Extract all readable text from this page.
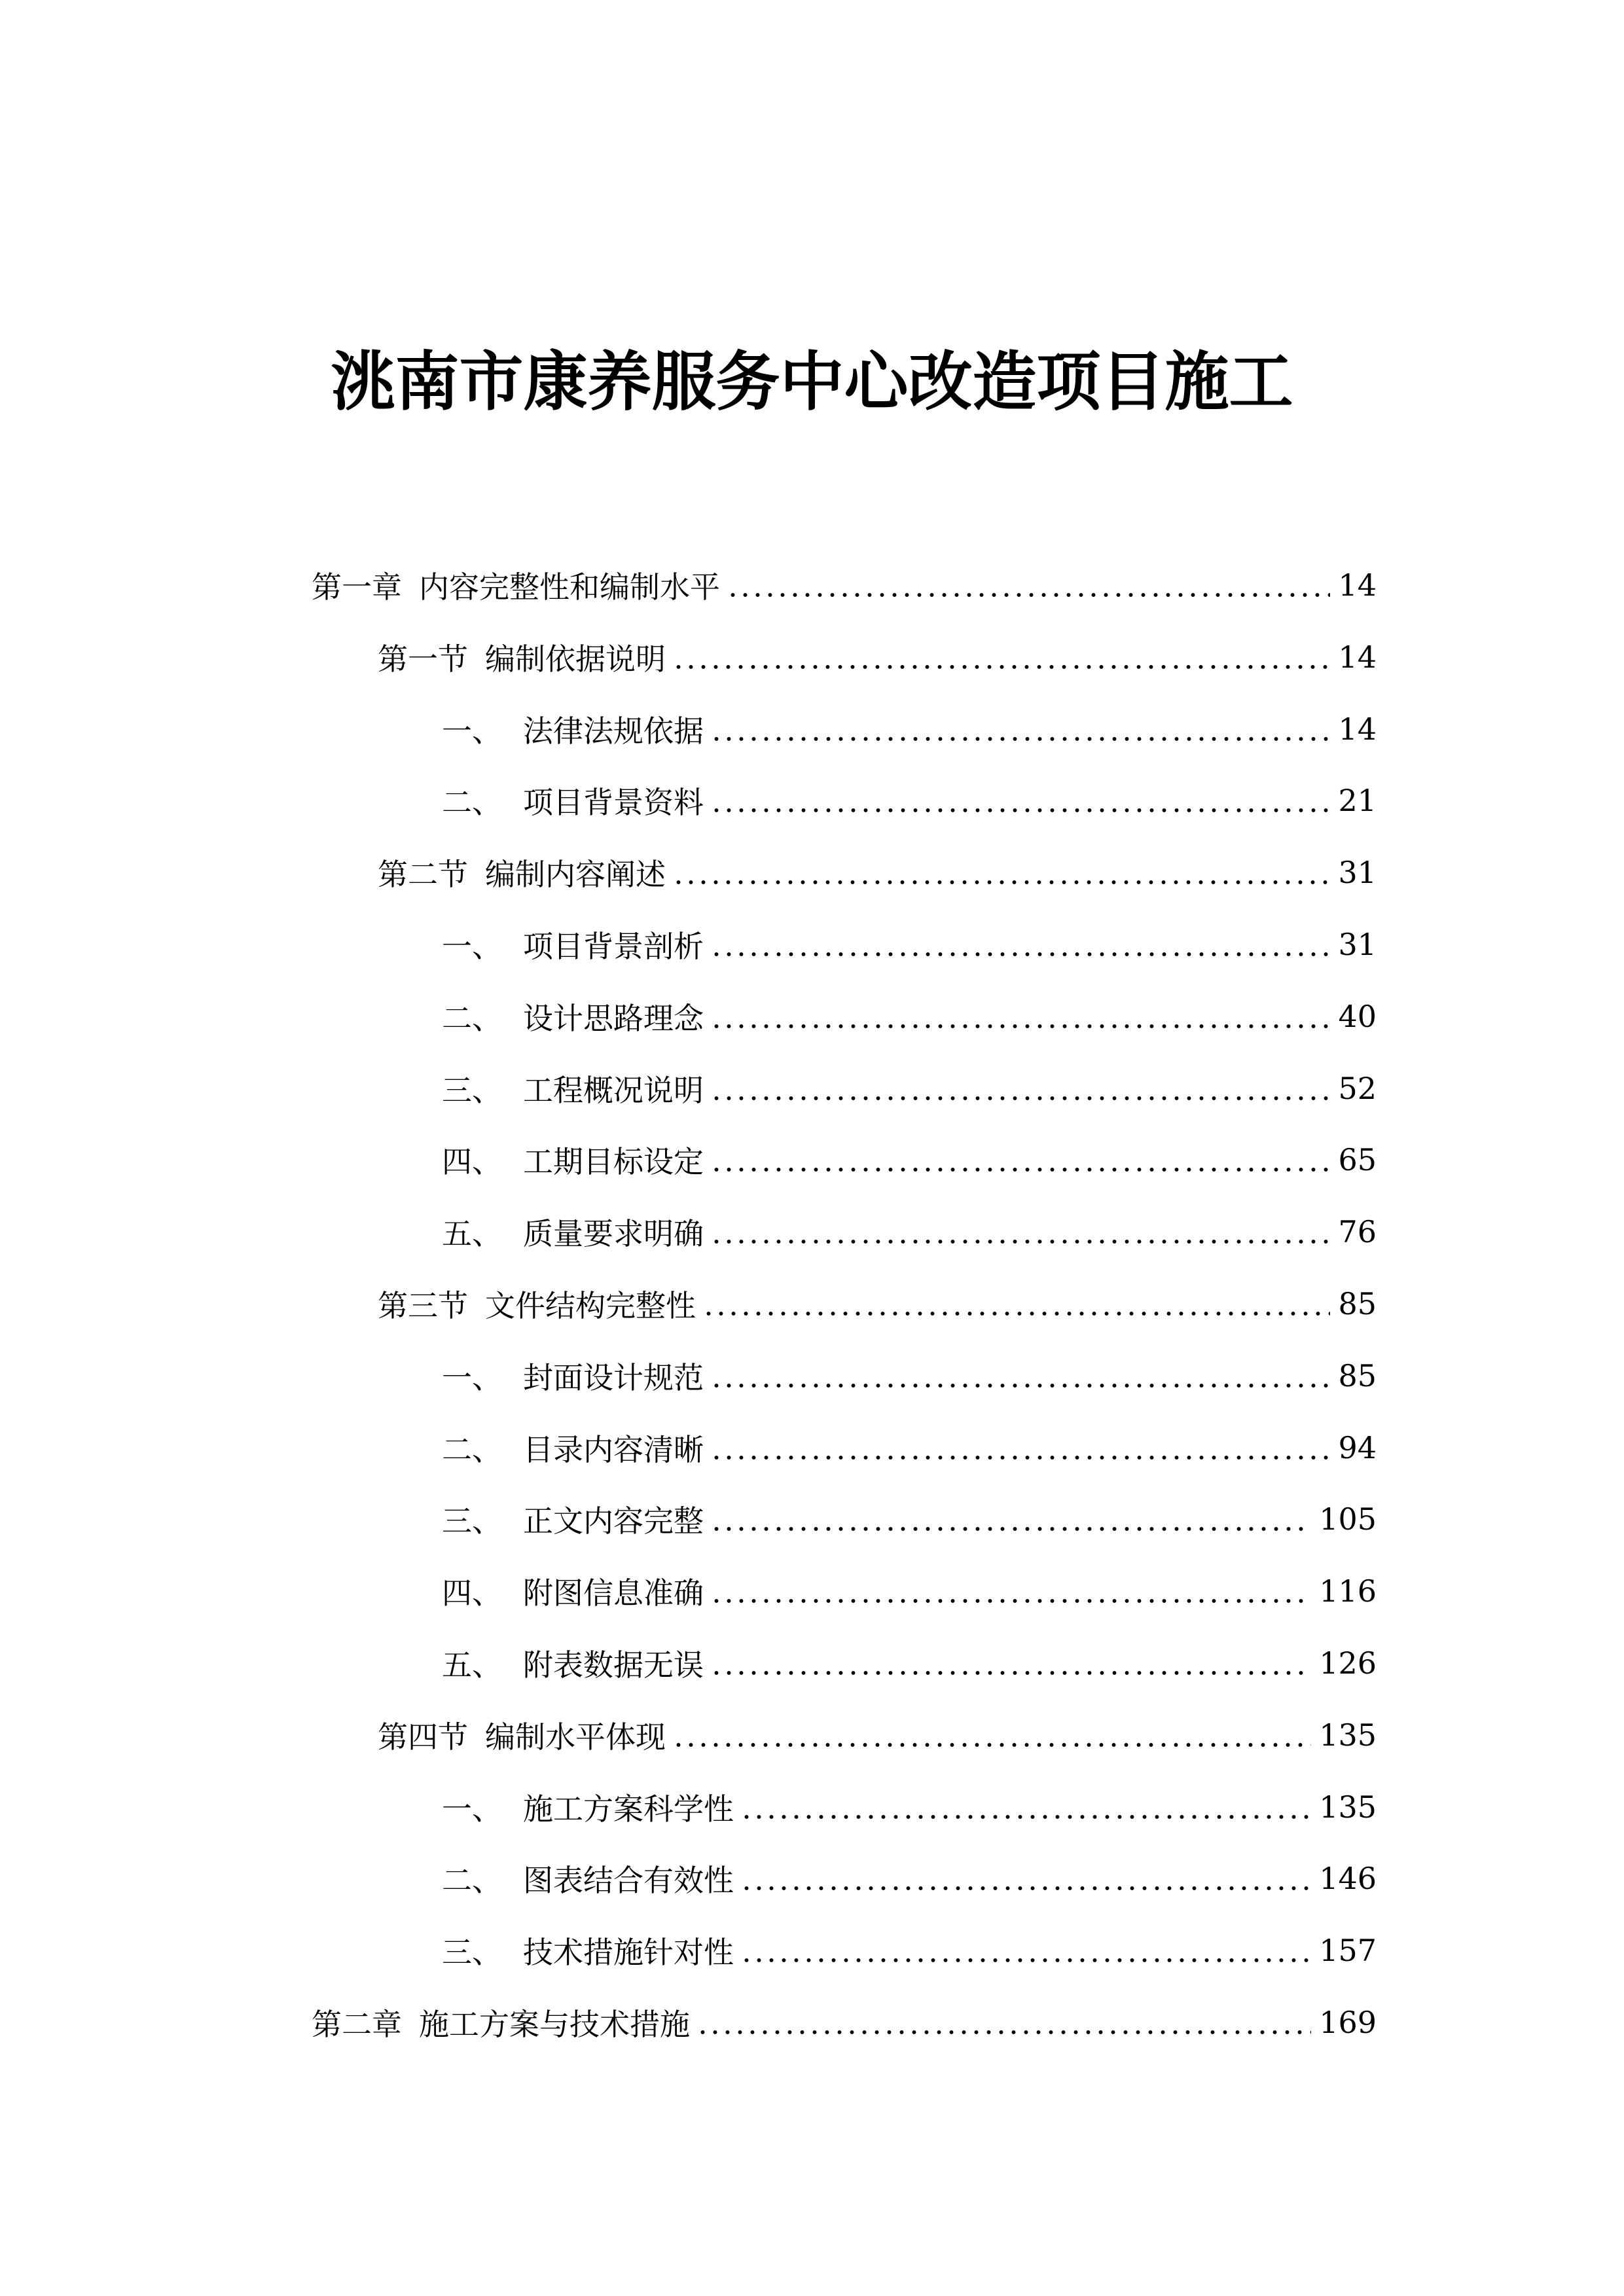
洮南市康养服务中心改造项目施工
第一章 内容完整性和编制水平	14
第一节 编制依据说明	14
一、 法律法规依据	14
二、 项目背景资料	21
第二节 编制内容阐述	31
一、 项目背景剖析	31
二、 设计思路理念	40
三、 工程概况说明	52
四、 工期目标设定	65
五、 质量要求明确	76
第三节 文件结构完整性	85
一、 封面设计规范	85
二、 目录内容清晰	94
三、 正文内容完整	105
四、 附图信息准确	116
五、 附表数据无误	126
第四节 编制水平体现	135
一、 施工方案科学性	135
二、 图表结合有效性	146
三、 技术措施针对性	157
第二章 施工方案与技术措施	169
